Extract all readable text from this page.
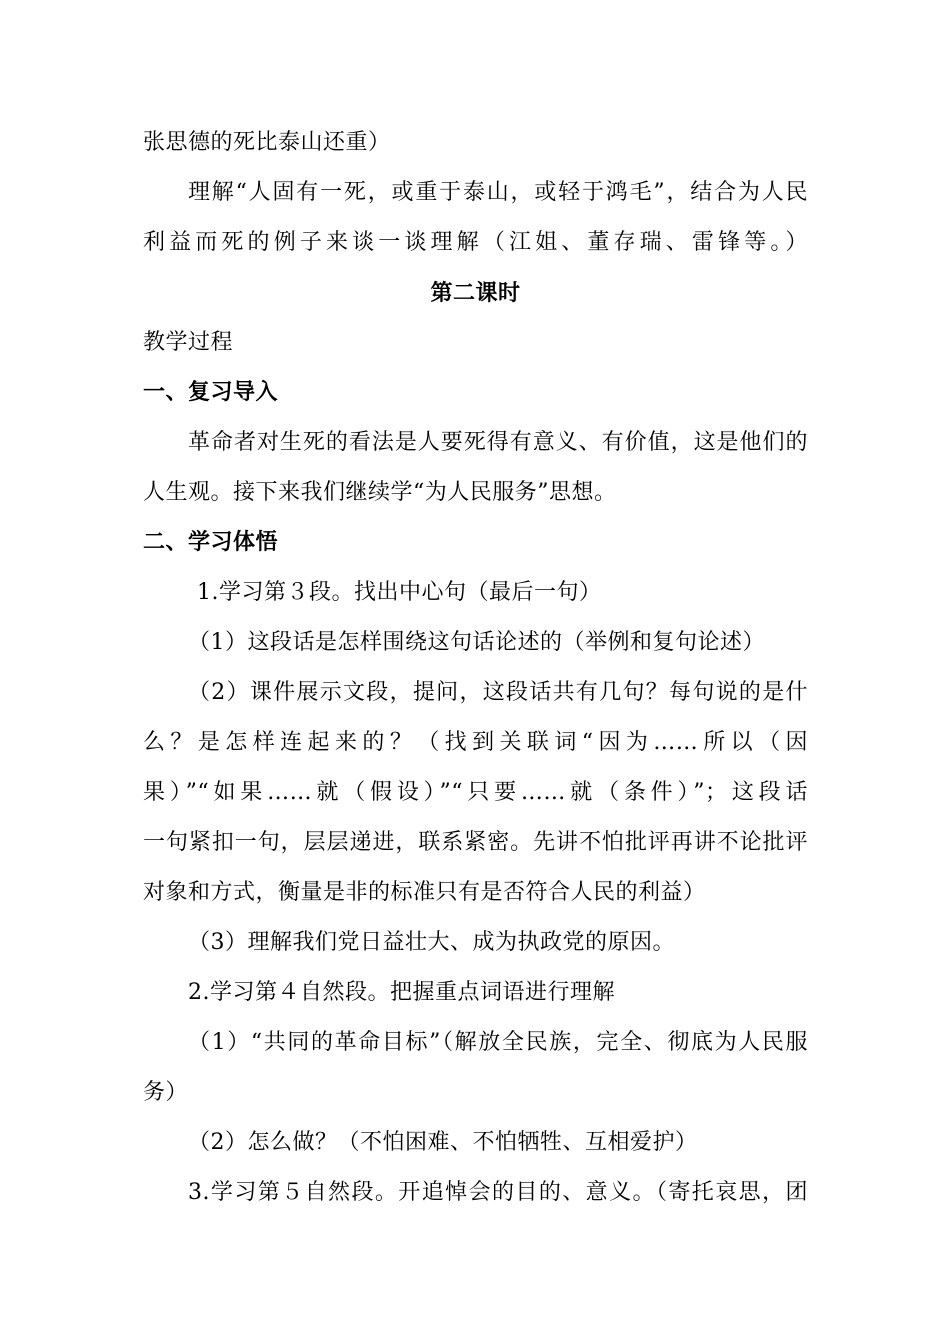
张思德的死比泰山还重）
理解“人固有一死，或重于泰山，或轻于鸿毛”，结合为人民
利益而死的例子来谈一谈理解（江姐、董存瑞、雷锋等。）
第二课时
教学过程
一、复习导入
革命者对生死的看法是人要死得有意义、有价值，这是他们的
人生观。接下来我们继续学“为人民服务”思想。
二、学习体悟
1.学习第３段。找出中心句（最后一句）
（1）这段话是怎样围绕这句话论述的（举例和复句论述）
（2）课件展示文段，提问，这段话共有几句？每句说的是什
么？是怎样连起来的？（找到关联词“因为……所以（因
果）”“如果……就（假设）”“只要……就（条件）”；这段话
一句紧扣一句，层层递进，联系紧密。先讲不怕批评再讲不论批评
对象和方式，衡量是非的标准只有是否符合人民的利益）
（3）理解我们党日益壮大、成为执政党的原因。
2.学习第４自然段。把握重点词语进行理解
（1）“共同的革命目标”（解放全民族，完全、彻底为人民服
务）
（2）怎么做？（不怕困难、不怕牺牲、互相爱护）
3.学习第５自然段。开追悼会的目的、意义。（寄托哀思，团
